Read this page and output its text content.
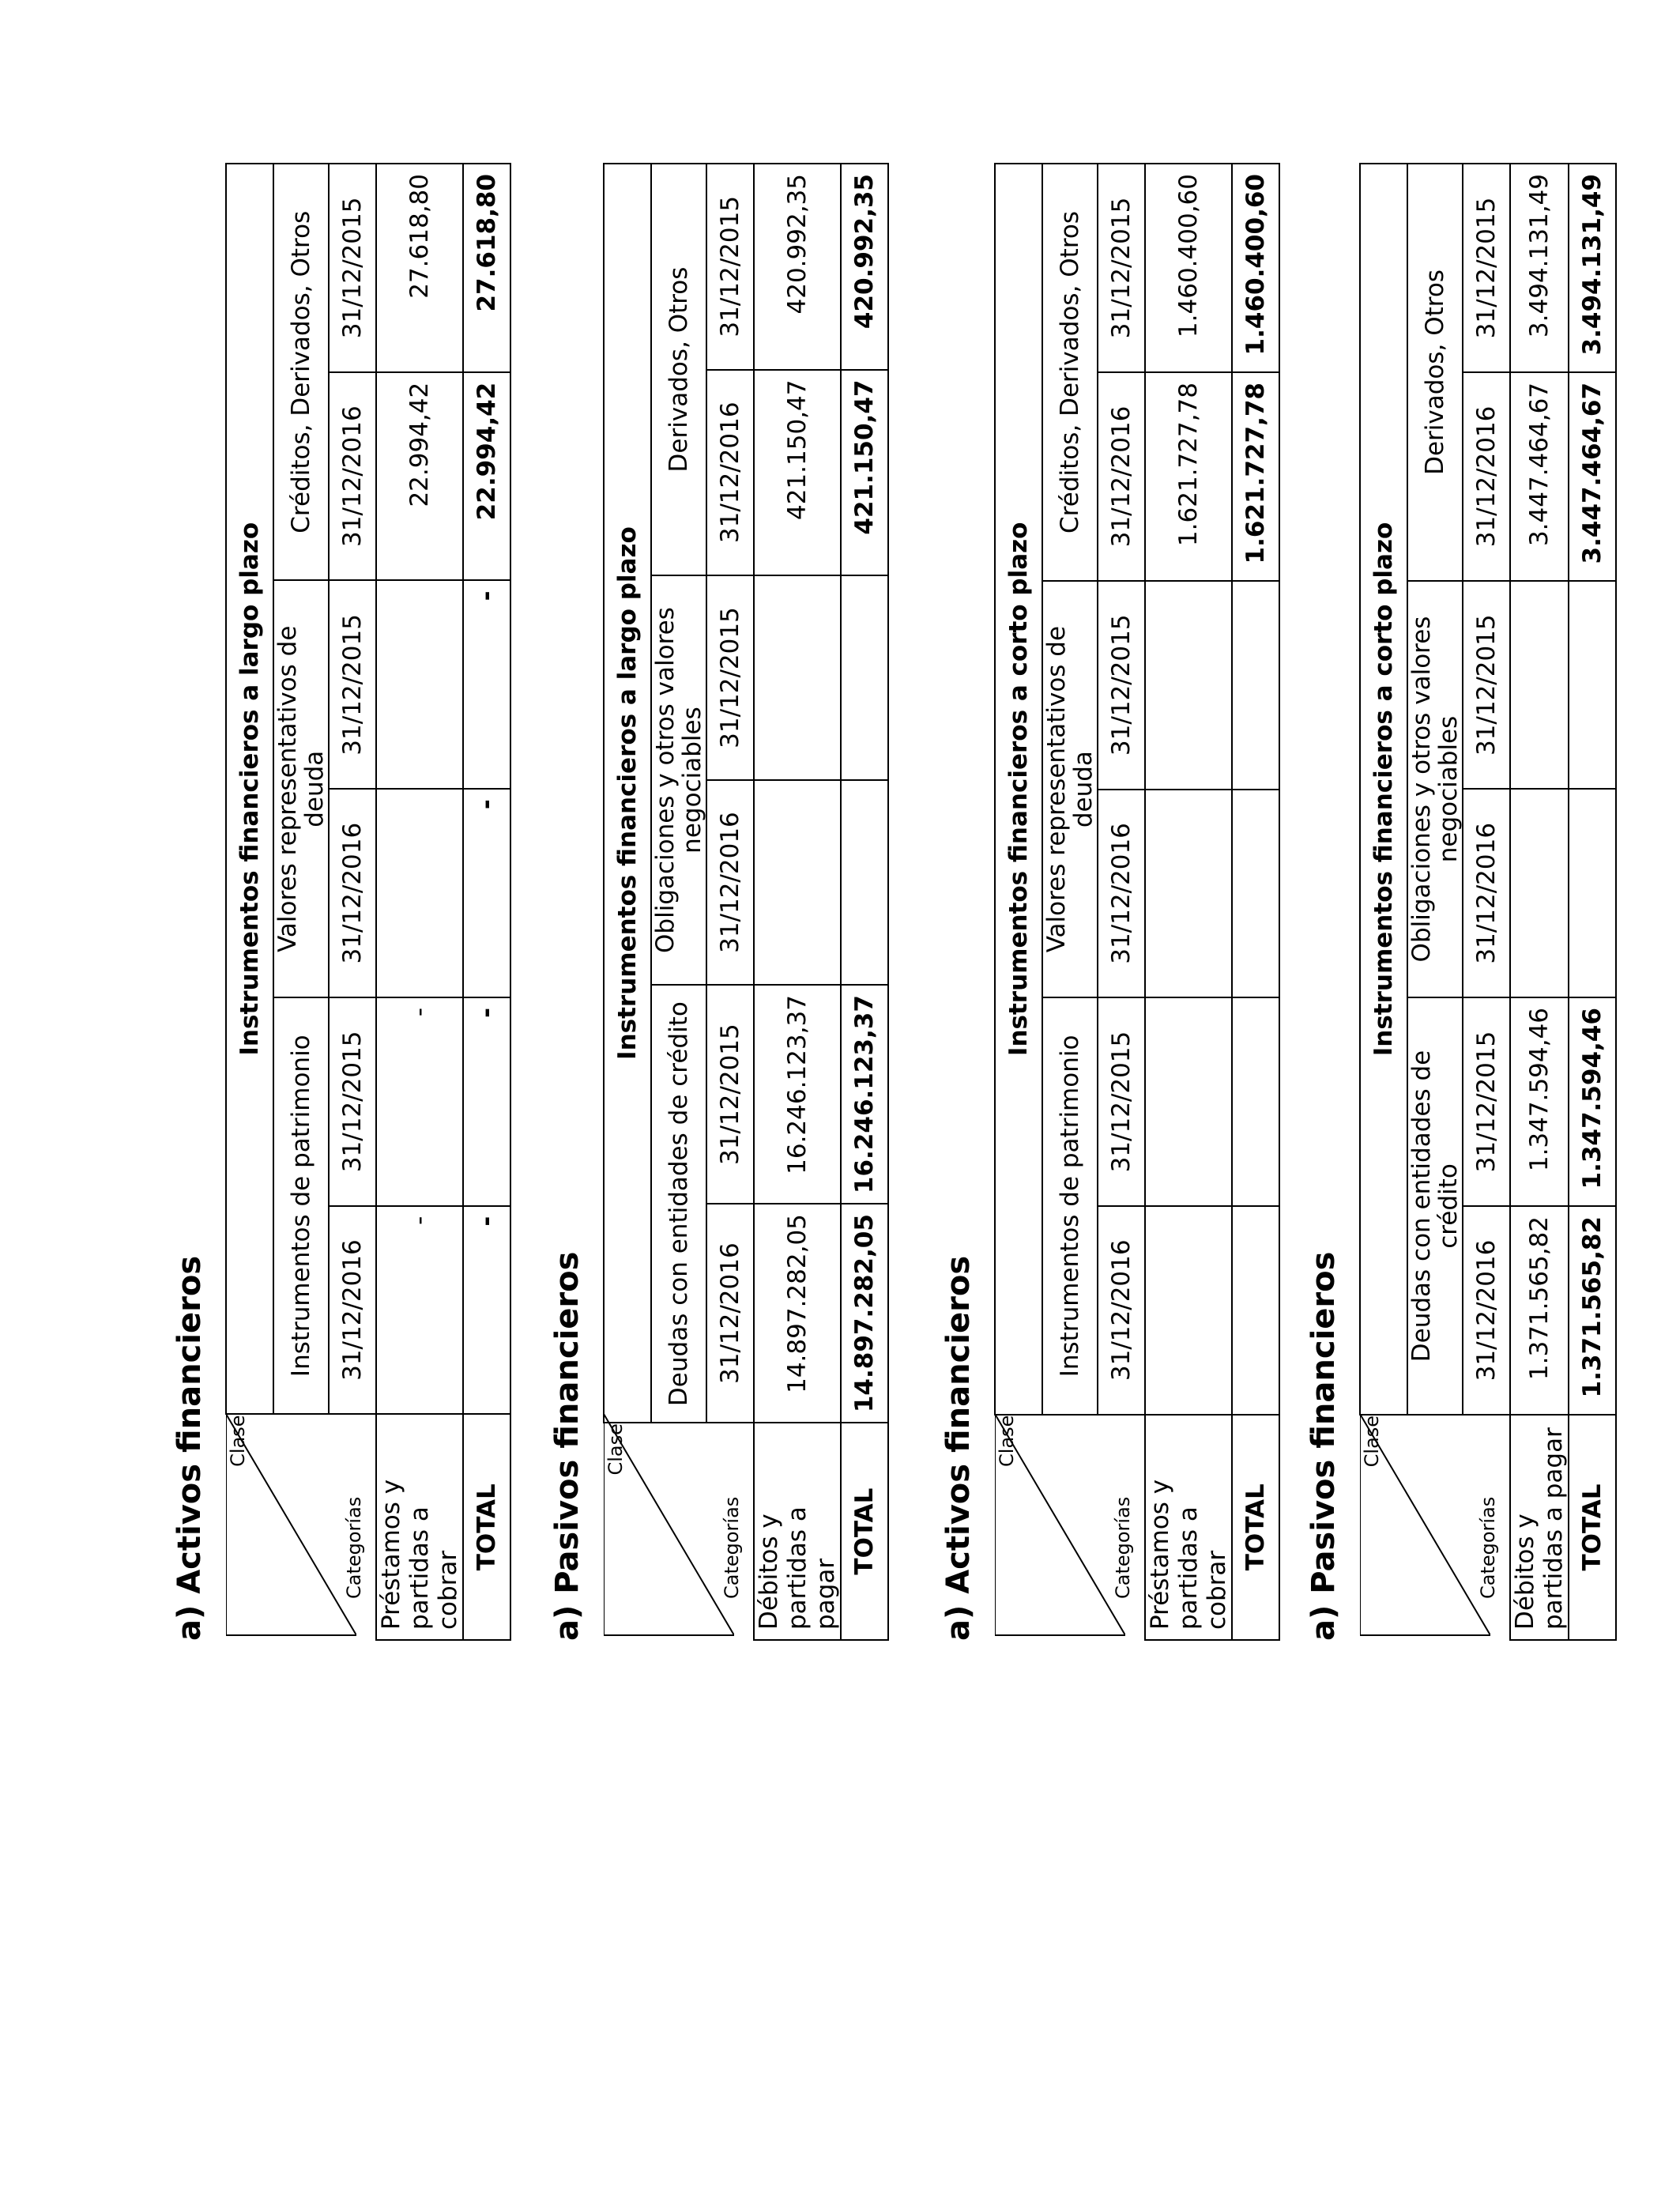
a) Activos financieros	Clase
Categorías	Instrumentos financieros a largo plazo					
	Instrumentos de patrimonio		Valores representativos de deuda		Créditos, Derivados, Otros	
	31/12/2016	31/12/2015	31/12/2016	31/12/2015	31/12/2016	31/12/2015
Préstamos y partidas a cobrar	-	-			22.994,42	27.618,80
TOTAL	-	-	-	-	22.994,42	27.618,80
a) Pasivos financieros	Clase
Categorías	Instrumentos financieros a largo plazo					
	Deudas con entidades de crédito		Obligaciones y otros valores negociables		Derivados, Otros	
	31/12/2016	31/12/2015	31/12/2016	31/12/2015	31/12/2016	31/12/2015
Débitos y partidas a pagar	14.897.282,05	16.246.123,37			421.150,47	420.992,35
TOTAL	14.897.282,05	16.246.123,37			421.150,47	420.992,35
a) Activos financieros	Clase
Categorías	Instrumentos financieros a corto plazo					
	Instrumentos de patrimonio		Valores representativos de deuda		Créditos, Derivados, Otros	
	31/12/2016	31/12/2015	31/12/2016	31/12/2015	31/12/2016	31/12/2015
Préstamos y partidas a cobrar					1.621.727,78	1.460.400,60
TOTAL					1.621.727,78	1.460.400,60
a) Pasivos financieros	Clase
Categorías	Instrumentos financieros a corto plazo					
	Deudas con entidades de crédito		Obligaciones y otros valores negociables		Derivados, Otros	
	31/12/2016	31/12/2015	31/12/2016	31/12/2015	31/12/2016	31/12/2015
Débitos y partidas a pagar	1.371.565,82	1.347.594,46			3.447.464,67	3.494.131,49
TOTAL	1.371.565,82	1.347.594,46			3.447.464,67	3.494.131,49
